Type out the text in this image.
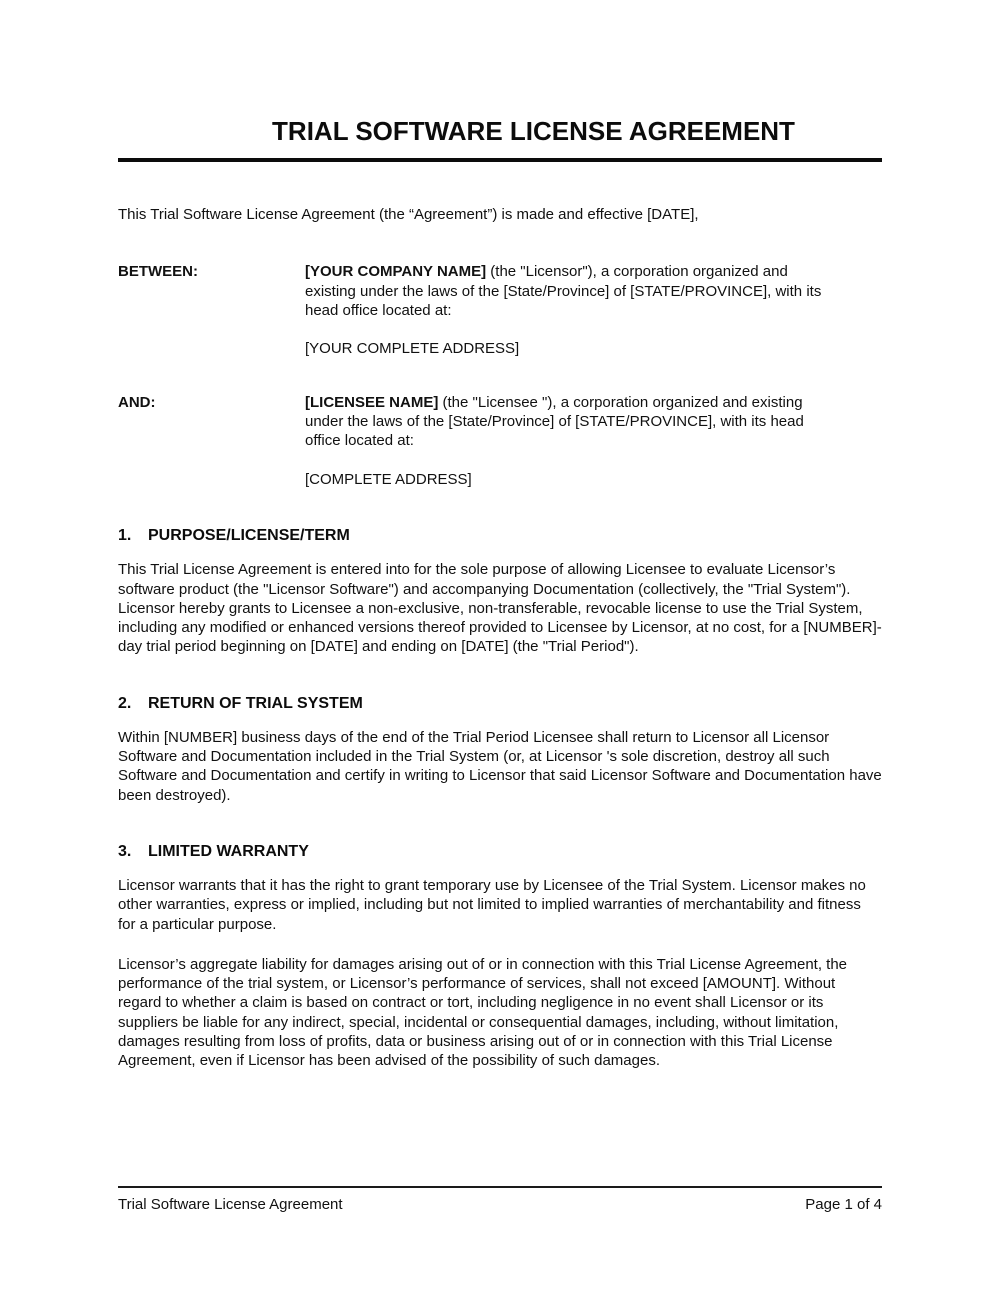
TRIAL SOFTWARE LICENSE AGREEMENT

This Trial Software License Agreement (the “Agreement”) is made and effective [DATE],

BETWEEN:	[YOUR COMPANY NAME] (the "Licensor"), a corporation organized and existing under the laws of the [State/Province] of [STATE/PROVINCE], with its head office located at:

[YOUR COMPLETE ADDRESS]

AND:	[LICENSEE NAME] (the "Licensee "), a corporation organized and existing under the laws of the [State/Province] of [STATE/PROVINCE], with its head office located at:

[COMPLETE ADDRESS]

1. PURPOSE/LICENSE/TERM

This Trial License Agreement is entered into for the sole purpose of allowing Licensee to evaluate Licensor’s software product (the "Licensor Software") and accompanying Documentation (collectively, the "Trial System"). Licensor hereby grants to Licensee a non-exclusive, non-transferable, revocable license to use the Trial System, including any modified or enhanced versions thereof provided to Licensee by Licensor, at no cost, for a [NUMBER]-day trial period beginning on [DATE] and ending on [DATE] (the "Trial Period").

2. RETURN OF TRIAL SYSTEM

Within [NUMBER] business days of the end of the Trial Period Licensee shall return to Licensor all Licensor Software and Documentation included in the Trial System (or, at Licensor 's sole discretion, destroy all such Software and Documentation and certify in writing to Licensor that said Licensor Software and Documentation have been destroyed).

3. LIMITED WARRANTY

Licensor warrants that it has the right to grant temporary use by Licensee of the Trial System. Licensor makes no other warranties, express or implied, including but not limited to implied warranties of merchantability and fitness for a particular purpose.

Licensor’s aggregate liability for damages arising out of or in connection with this Trial License Agreement, the performance of the trial system, or Licensor’s performance of services, shall not exceed [AMOUNT]. Without regard to whether a claim is based on contract or tort, including negligence in no event shall Licensor or its suppliers be liable for any indirect, special, incidental or consequential damages, including, without limitation, damages resulting from loss of profits, data or business arising out of or in connection with this Trial License Agreement, even if Licensor has been advised of the possibility of such damages.

Trial Software License Agreement	Page 1 of 4
